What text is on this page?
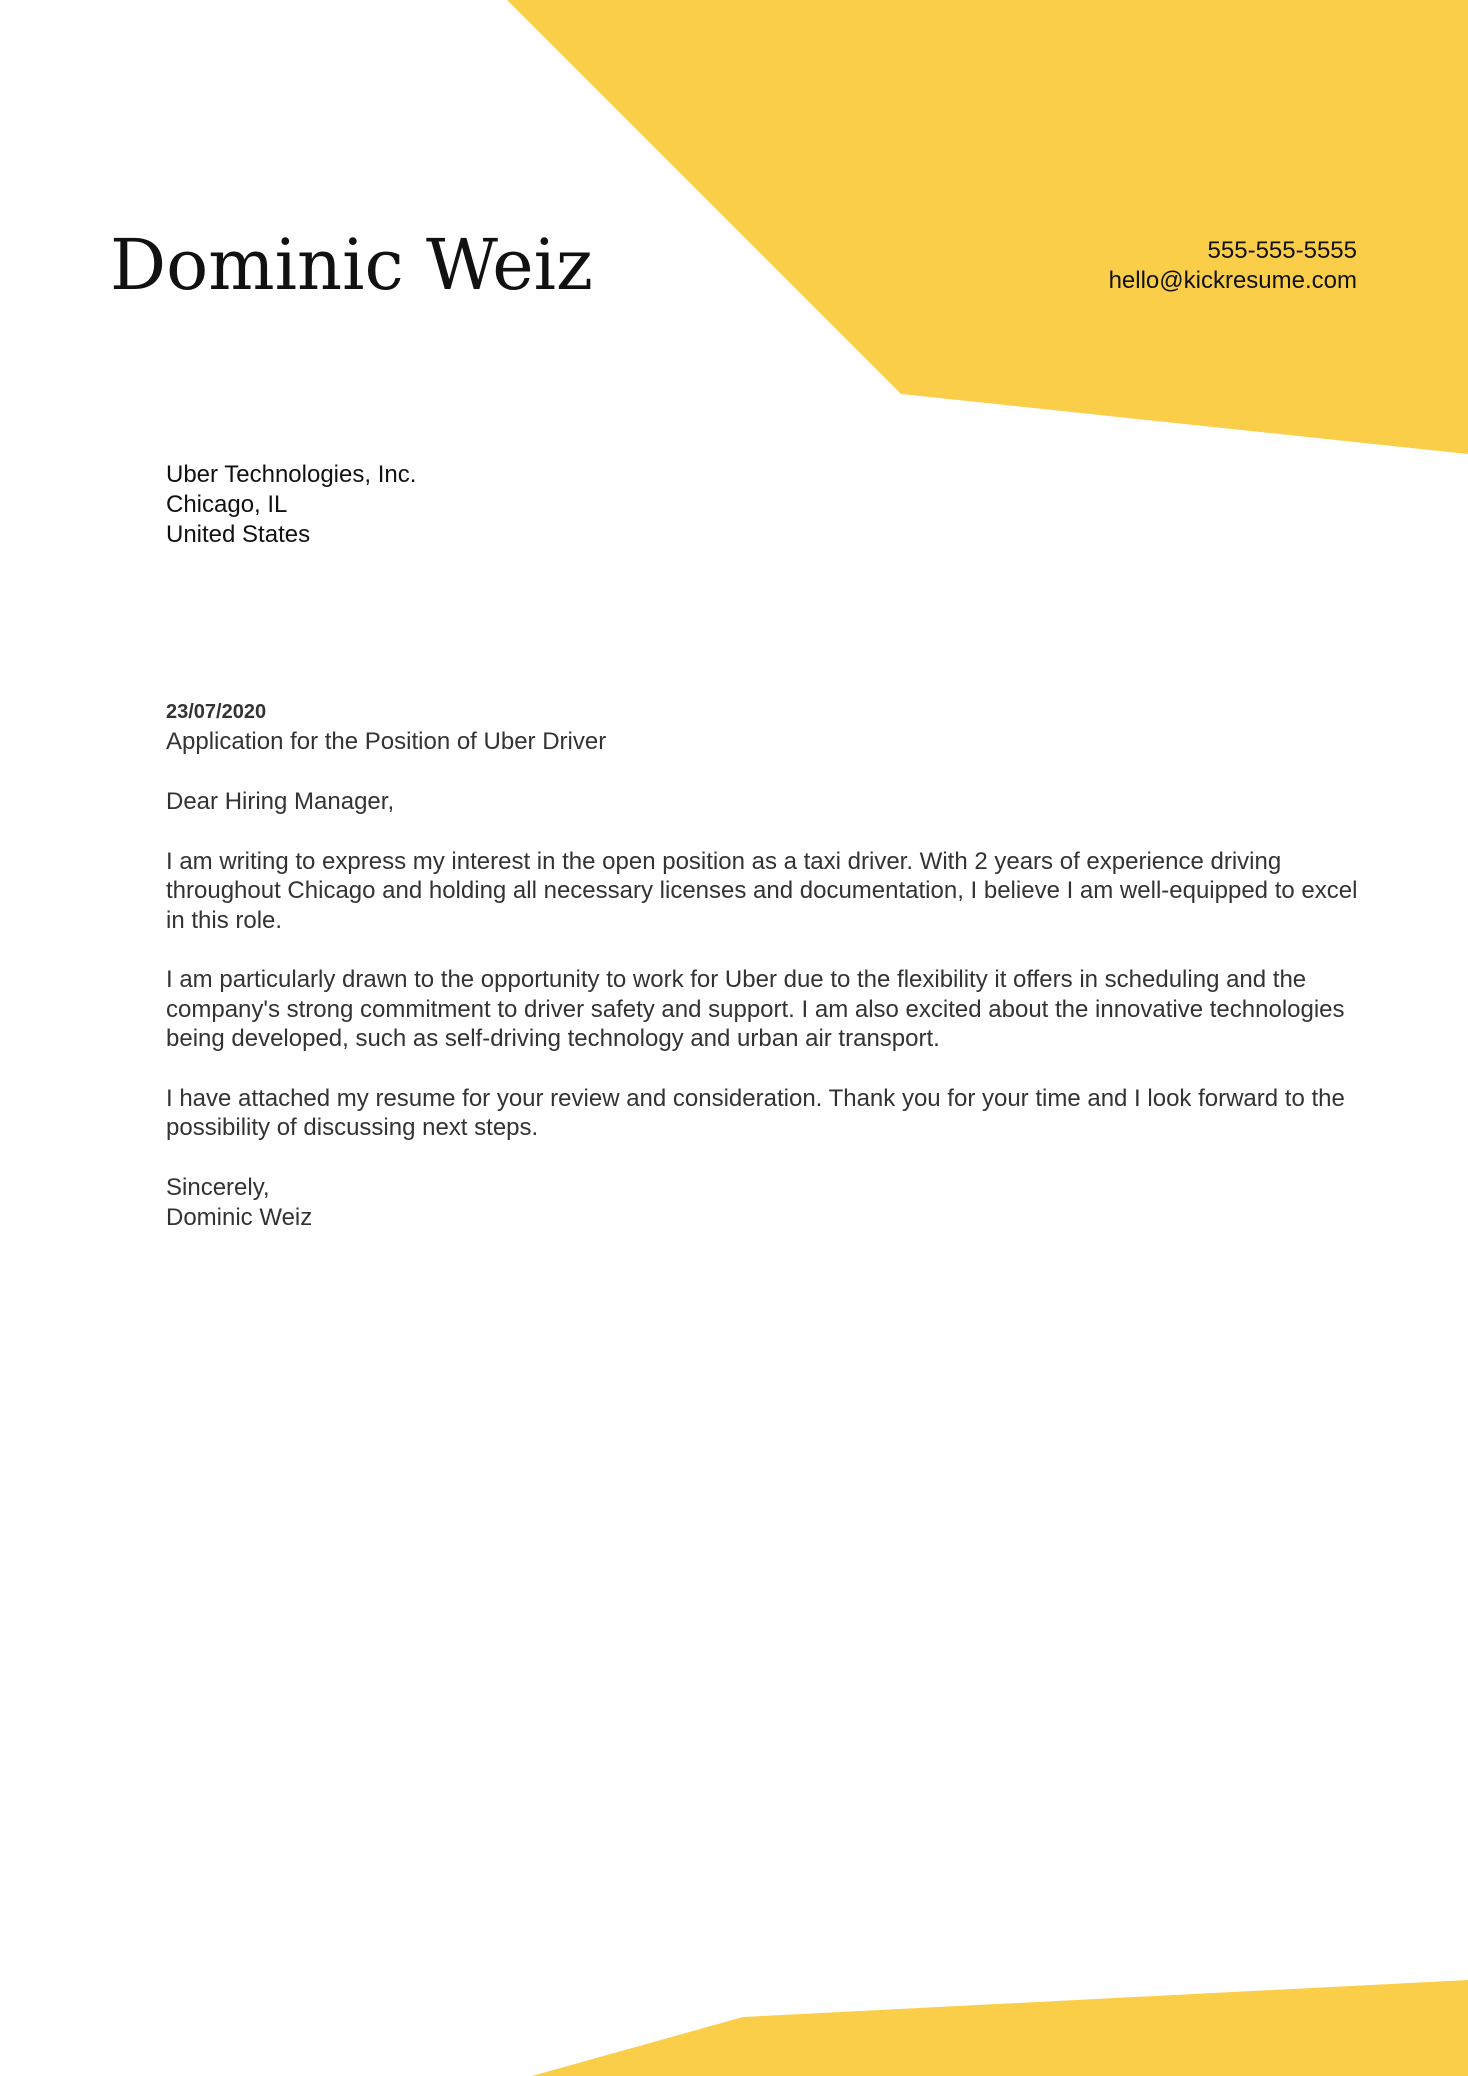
Dominic Weiz	555-555-5555
hello@kickresume.com
Uber Technologies, Inc.
Chicago, IL
United States
23/07/2020
Application for the Position of Uber Driver
Dear Hiring Manager,
I am writing to express my interest in the open position as a taxi driver. With 2 years of experience driving
throughout Chicago and holding all necessary licenses and documentation, I believe I am well-equipped to excel
in this role.
I am particularly drawn to the opportunity to work for Uber due to the flexibility it offers in scheduling and the
company's strong commitment to driver safety and support. I am also excited about the innovative technologies
being developed, such as self-driving technology and urban air transport.
I have attached my resume for your review and consideration. Thank you for your time and I look forward to the
possibility of discussing next steps.
Sincerely,
Dominic Weiz
